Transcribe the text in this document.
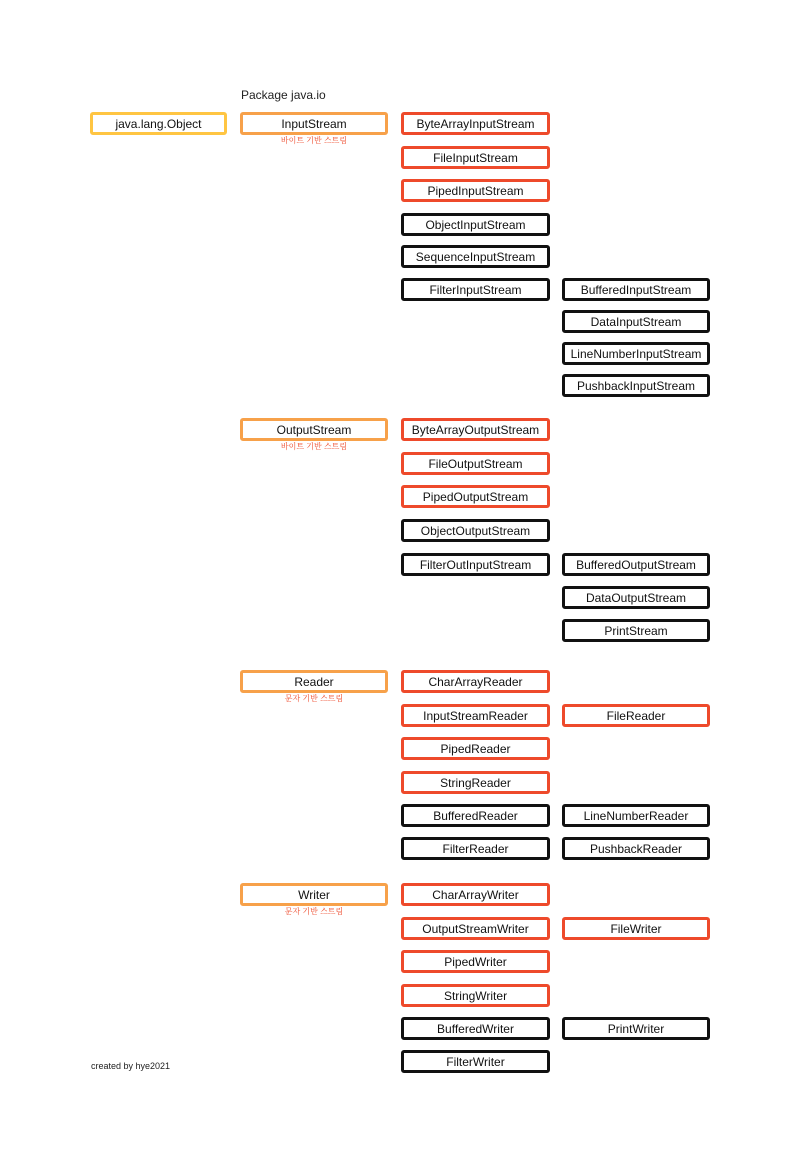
Package java.io
java.lang.Object	InputStream
바이트 기반 스트림
ByteArrayInputStream
FileInputStream
PipedInputStream
ObjectInputStream
SequenceInputStream
FilterInputStream	BufferedInputStream
DataInputStream
LineNumberInputStream
PushbackInputStream
OutputStream
바이트 기반 스트림
ByteArrayOutputStream
FileOutputStream
PipedOutputStream
ObjectOutputStream
FilterOutInputStream	BufferedOutputStream
DataOutputStream
PrintStream
Reader
문자 기반 스트림
CharArrayReader
InputStreamReader
PipedReader
StringReader
BufferedReader
FilterReader
FileReader
LineNumberReader
PushbackReader
Writer
문자 기반 스트림
CharArrayWriter
OutputStreamWriter
PipedWriter
StringWriter
BufferedWriter
FilterWriter
FileWriter
PrintWriter
created by hye2021
